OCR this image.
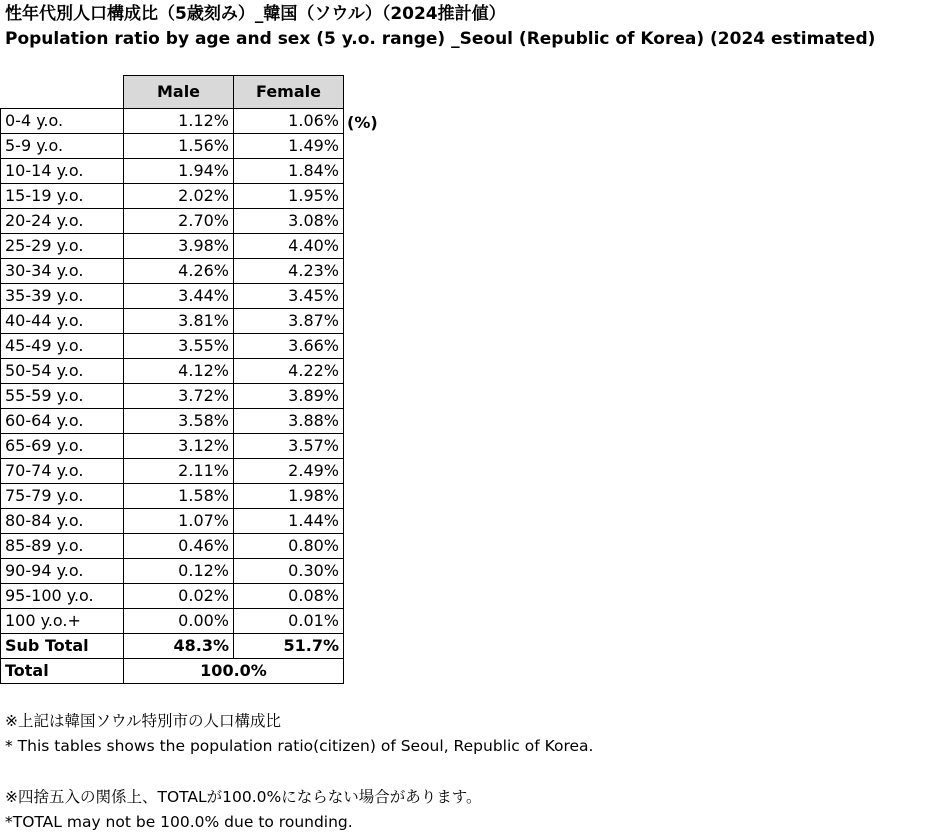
性年代別人口構成比（5歳刻み）_韓国（ソウル）（2024推計値）
Population ratio by age and sex (5 y.o. range) _Seoul (Republic of Korea) (2024 estimated)
	Male	Female
0-4 y.o.	1.12%	1.06%
5-9 y.o.	1.56%	1.49%
10-14 y.o.	1.94%	1.84%
15-19 y.o.	2.02%	1.95%
20-24 y.o.	2.70%	3.08%
25-29 y.o.	3.98%	4.40%
30-34 y.o.	4.26%	4.23%
35-39 y.o.	3.44%	3.45%
40-44 y.o.	3.81%	3.87%
45-49 y.o.	3.55%	3.66%
50-54 y.o.	4.12%	4.22%
55-59 y.o.	3.72%	3.89%
60-64 y.o.	3.58%	3.88%
65-69 y.o.	3.12%	3.57%
70-74 y.o.	2.11%	2.49%
75-79 y.o.	1.58%	1.98%
80-84 y.o.	1.07%	1.44%
85-89 y.o.	0.46%	0.80%
90-94 y.o.	0.12%	0.30%
95-100 y.o.	0.02%	0.08%
100 y.o.+	0.00%	0.01%
Sub Total	48.3%	51.7%
Total	100.0%	
(%)
※上記は韓国ソウル特別市の人口構成比
* This tables shows the population ratio(citizen) of Seoul, Republic of Korea.
※四捨五入の関係上、TOTALが100.0%にならない場合があります。
*TOTAL may not be 100.0% due to rounding.
